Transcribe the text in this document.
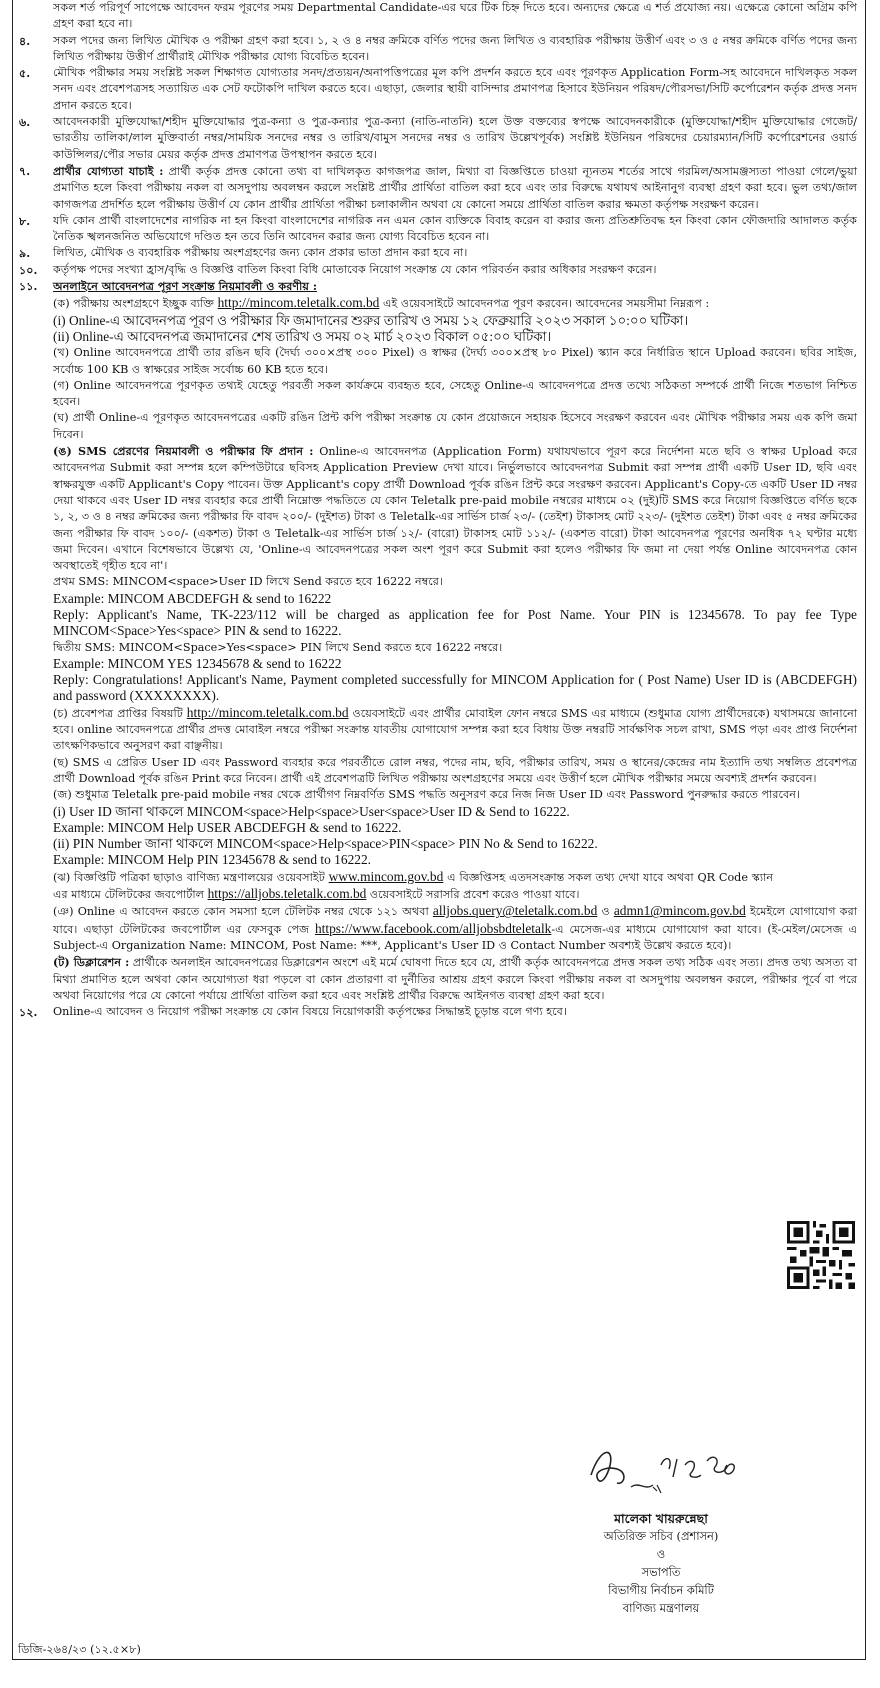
সকল শর্ত পরিপূর্ণ সাপেক্ষে আবেদন ফরম পূরণের সময় Departmental Candidate-এর ঘরে টিক চিহ্ন দিতে হবে। অন্যদের ক্ষেত্রে এ শর্ত প্রযোজ্য নয়। এক্ষেত্রে কোনো অগ্রিম কপি গ্রহণ করা হবে না।
৪.	সকল পদের জন্য লিখিত মৌখিক ও পরীক্ষা গ্রহণ করা হবে। ১, ২ ও ৪ নম্বর ক্রমিকে বর্ণিত পদের জন্য লিখিত ও ব্যবহারিক পরীক্ষায় উত্তীর্ণ এবং ৩ ও ৫ নম্বর ক্রমিকে বর্ণিত পদের জন্য লিখিত পরীক্ষায় উত্তীর্ণ প্রার্থীরাই মৌখিক পরীক্ষার যোগ্য বিবেচিত হবেন।
৫.	মৌখিক পরীক্ষার সময় সংশ্লিষ্ট সকল শিক্ষাগত যোগ্যতার সনদ/প্রত্যয়ন/অনাপত্তিপত্রের মূল কপি প্রদর্শন করতে হবে এবং পূরণকৃত Application Form-সহ আবেদনে দাখিলকৃত সকল সনদ এবং প্রবেশপত্রসহ সত্যায়িত এক সেট ফটোকপি দাখিল করতে হবে। এছাড়া, জেলার স্থায়ী বাসিন্দার প্রমাণপত্র হিসাবে ইউনিয়ন পরিষদ/পৌরসভা/সিটি কর্পোরেশন কর্তৃক প্রদত্ত সনদ প্রদান করতে হবে।
৬.	আবেদনকারী মুক্তিযোদ্ধা/শহীদ মুক্তিযোদ্ধার পুত্র-কন্যা ও পুত্র-কন্যার পুত্র-কন্যা (নাতি-নাতনি) হলে উক্ত বক্তব্যের স্বপক্ষে আবেদনকারীকে (মুক্তিযোদ্ধা/শহীদ মুক্তিযোদ্ধার গেজেট/ভারতীয় তালিকা/লাল মুক্তিবার্তা নম্বর/সাময়িক সনদের নম্বর ও তারিখ/বামুস সনদের নম্বর ও তারিখ উল্লেখপূর্বক) সংশ্লিষ্ট ইউনিয়ন পরিষদের চেয়ারম্যান/সিটি কর্পোরেশনের ওয়ার্ড কাউন্সিলর/পৌর সভার মেয়র কর্তৃক প্রদত্ত প্রমাণপত্র উপস্থাপন করতে হবে।
৭.	প্রার্থীর যোগ্যতা যাচাই : প্রার্থী কর্তৃক প্রদত্ত কোনো তথ্য বা দাখিলকৃত কাগজপত্র জাল, মিথ্যা বা বিজ্ঞপ্তিতে চাওয়া ন্যূনতম শর্তের সাথে গরমিল/অসামঞ্জস্যতা পাওয়া গেলে/ভুয়া প্রমাণিত হলে কিংবা পরীক্ষায় নকল বা অসদুপায় অবলম্বন করলে সংশ্লিষ্ট প্রার্থীর প্রার্থিতা বাতিল করা হবে এবং তার বিরুদ্ধে যথাযথ আইনানুগ ব্যবস্থা গ্রহণ করা হবে। ভুল তথ্য/জাল কাগজপত্র প্রদর্শিত হলে পরীক্ষায় উত্তীর্ণ যে কোন প্রার্থীর প্রার্থিতা পরীক্ষা চলাকালীন অথবা যে কোনো সময়ে প্রার্থিতা বাতিল করার ক্ষমতা কর্তৃপক্ষ সংরক্ষণ করেন।
৮.	যদি কোন প্রার্থী বাংলাদেশের নাগরিক না হন কিংবা বাংলাদেশের নাগরিক নন এমন কোন ব্যক্তিকে বিবাহ করেন বা করার জন্য প্রতিশ্রুতিবদ্ধ হন কিংবা কোন ফৌজদারি আদালত কর্তৃক নৈতিক স্খলনজনিত অভিযোগে দণ্ডিত হন তবে তিনি আবেদন করার জন্য যোগ্য বিবেচিত হবেন না।
৯.	লিখিত, মৌখিক ও ব্যবহারিক পরীক্ষায় অংশগ্রহণের জন্য কোন প্রকার ভাতা প্রদান করা হবে না।
১০.	কর্তৃপক্ষ পদের সংখ্যা হ্রাস/বৃদ্ধি ও বিজ্ঞপ্তি বাতিল কিংবা বিধি মোতাবেক নিয়োগ সংক্রান্ত যে কোন পরিবর্তন করার অধিকার সংরক্ষণ করেন।
১১.	অনলাইনে আবেদনপত্র পূরণ সংক্রান্ত নিয়মাবলী ও করণীয় :
(ক) পরীক্ষায় অংশগ্রহণে ইচ্ছুক ব্যক্তি http://mincom.teletalk.com.bd এই ওয়েবসাইটে আবেদনপত্র পূরণ করবেন। আবেদনের সময়সীমা নিম্নরূপ :
(i) Online-এ আবেদনপত্র পূরণ ও পরীক্ষার ফি জমাদানের শুরুর তারিখ ও সময় ১২ ফেব্রুয়ারি ২০২৩ সকাল ১০:০০ ঘটিকা।
(ii) Online-এ আবেদনপত্র জমাদানের শেষ তারিখ ও সময় ০২ মার্চ ২০২৩ বিকাল ০৫:০০ ঘটিকা।
(খ) Online আবেদনপত্রে প্রার্থী তার রঙিন ছবি (দৈর্ঘ্য ৩০০×প্রস্থ ৩০০ Pixel) ও স্বাক্ষর (দৈর্ঘ্য ৩০০×প্রস্থ ৮০ Pixel) স্ক্যান করে নির্ধারিত স্থানে Upload করবেন। ছবির সাইজ, সর্বোচ্চ 100 KB ও স্বাক্ষরের সাইজ সর্বোচ্চ 60 KB হতে হবে।
(গ) Online আবেদনপত্রে পূরণকৃত তথ্যই যেহেতু পরবর্তী সকল কার্যক্রমে ব্যবহৃত হবে, সেহেতু Online-এ আবেদনপত্রে প্রদত্ত তথ্যে সঠিকতা সম্পর্কে প্রার্থী নিজে শতভাগ নিশ্চিত হবেন।
(ঘ) প্রার্থী Online-এ পূরণকৃত আবেদনপত্রের একটি রঙিন প্রিন্ট কপি পরীক্ষা সংক্রান্ত যে কোন প্রয়োজনে সহায়ক হিসেবে সংরক্ষণ করবেন এবং মৌখিক পরীক্ষার সময় এক কপি জমা দিবেন।
(ঙ) SMS প্রেরণের নিয়মাবলী ও পরীক্ষার ফি প্রদান : Online-এ আবেদনপত্র (Application Form) যথাযথভাবে পূরণ করে নির্দেশনা মতে ছবি ও স্বাক্ষর Upload করে আবেদনপত্র Submit করা সম্পন্ন হলে কম্পিউটারে ছবিসহ Application Preview দেখা যাবে। নির্ভুলভাবে আবেদনপত্র Submit করা সম্পন্ন প্রার্থী একটি User ID, ছবি এবং স্বাক্ষরযুক্ত একটি Applicant's Copy পাবেন। উক্ত Applicant's copy প্রার্থী Download পূর্বক রঙিন প্রিন্ট করে সংরক্ষণ করবেন। Applicant's Copy-তে একটি User ID নম্বর দেয়া থাকবে এবং User ID নম্বর ব্যবহার করে প্রার্থী নিম্নোক্ত পদ্ধতিতে যে কোন Teletalk pre-paid mobile নম্বরের মাধ্যমে ০২ (দুই)টি SMS করে নিয়োগ বিজ্ঞপ্তিতে বর্ণিত ছকে ১, ২, ৩ ও ৪ নম্বর ক্রমিকের জন্য পরীক্ষার ফি বাবদ ২০০/- (দুইশত) টাকা ও Teletalk-এর সার্ভিস চার্জ ২৩/- (তেইশ) টাকাসহ মোট ২২৩/- (দুইশত তেইশ) টাকা এবং ৫ নম্বর ক্রমিকের জন্য পরীক্ষার ফি বাবদ ১০০/- (একশত) টাকা ও Teletalk-এর সার্ভিস চার্জ ১২/- (বারো) টাকাসহ মোট ১১২/- (একশত বারো) টাকা আবেদনপত্র পূরণের অনধিক ৭২ ঘণ্টার মধ্যে জমা দিবেন। এখানে বিশেষভাবে উল্লেখ্য যে, 'Online-এ আবেদনপত্রের সকল অংশ পূরণ করে Submit করা হলেও পরীক্ষার ফি জমা না দেয়া পর্যন্ত Online আবেদনপত্র কোন অবস্থাতেই গৃহীত হবে না'।
প্রথম SMS: MINCOM<space>User ID লিখে Send করতে হবে 16222 নম্বরে।
Example: MINCOM ABCDEFGH & send to 16222
Reply: Applicant's Name, TK-223/112 will be charged as application fee for Post Name. Your PIN is 12345678. To pay fee Type MINCOM<Space>Yes<space> PIN & send to 16222.
দ্বিতীয় SMS: MINCOM<Space>Yes<space> PIN লিখে Send করতে হবে 16222 নম্বরে।
Example: MINCOM YES 12345678 & send to 16222
Reply: Congratulations! Applicant's Name, Payment completed successfully for MINCOM Application for ( Post Name) User ID is (ABCDEFGH) and password (XXXXXXXX).
(চ) প্রবেশপত্র প্রাপ্তির বিষয়টি http://mincom.teletalk.com.bd ওয়েবসাইটে এবং প্রার্থীর মোবাইল ফোন নম্বরে SMS এর মাধ্যমে (শুধুমাত্র যোগ্য প্রার্থীদেরকে) যথাসময়ে জানানো হবে। online আবেদনপত্রে প্রার্থীর প্রদত্ত মোবাইল নম্বরে পরীক্ষা সংক্রান্ত যাবতীয় যোগাযোগ সম্পন্ন করা হবে বিধায় উক্ত নম্বরটি সার্বক্ষণিক সচল রাখা, SMS পড়া এবং প্রাপ্ত নির্দেশনা তাৎক্ষণিকভাবে অনুসরণ করা বাঞ্ছনীয়।
(ছ) SMS এ প্রেরিত User ID এবং Password ব্যবহার করে পরবর্তীতে রোল নম্বর, পদের নাম, ছবি, পরীক্ষার তারিখ, সময় ও স্থানের/কেন্দ্রের নাম ইত্যাদি তথ্য সম্বলিত প্রবেশপত্র প্রার্থী Download পূর্বক রঙিন Print করে নিবেন। প্রার্থী এই প্রবেশপত্রটি লিখিত পরীক্ষায় অংশগ্রহণের সময়ে এবং উত্তীর্ণ হলে মৌখিক পরীক্ষার সময়ে অবশ্যই প্রদর্শন করবেন।
(জ) শুধুমাত্র Teletalk pre-paid mobile নম্বর থেকে প্রার্থীগণ নিম্নবর্ণিত SMS পদ্ধতি অনুসরণ করে নিজ নিজ User ID এবং Password পুনরুদ্ধার করতে পারবেন।
(i) User ID জানা থাকলে MINCOM<space>Help<space>User<space>User ID & Send to 16222.
Example: MINCOM Help USER ABCDEFGH & send to 16222.
(ii) PIN Number জানা থাকলে MINCOM<space>Help<space>PIN<space> PIN No & Send to 16222.
Example: MINCOM Help PIN 12345678 & send to 16222.
(ঝ) বিজ্ঞপ্তিটি পত্রিকা ছাড়াও বাণিজ্য মন্ত্রণালয়ের ওয়েবসাইট www.mincom.gov.bd এ বিজ্ঞপ্তিসহ এতদসংক্রান্ত সকল তথ্য দেখা যাবে অথবা QR Code স্ক্যান এর মাধ্যমে টেলিটকের জবপোর্টাল https://alljobs.teletalk.com.bd ওয়েবসাইটে সরাসরি প্রবেশ করেও পাওয়া যাবে।
(ঞ) Online এ আবেদন করতে কোন সমস্যা হলে টেলিটক নম্বর থেকে ১২১ অথবা alljobs.query@teletalk.com.bd ও admn1@mincom.gov.bd ইমেইলে যোগাযোগ করা যাবে। এছাড়া টেলিটকের জবপোর্টাল এর ফেসবুক পেজ https://www.facebook.com/alljobsbdteletalk-এ মেসেজ-এর মাধ্যমে যোগাযোগ করা যাবে। (ই-মেইল/মেসেজ এ Subject-এ Organization Name: MINCOM, Post Name: ***, Applicant's User ID ও Contact Number অবশ্যই উল্লেখ করতে হবে)।
(ট) ডিক্লারেশন : প্রার্থীকে অনলাইন আবেদনপত্রের ডিক্লারেশন অংশে এই মর্মে ঘোষণা দিতে হবে যে, প্রার্থী কর্তৃক আবেদনপত্রে প্রদত্ত সকল তথ্য সঠিক এবং সত্য। প্রদত্ত তথ্য অসত্য বা মিথ্যা প্রমাণিত হলে অথবা কোন অযোগ্যতা ধরা পড়লে বা কোন প্রতারণা বা দুর্নীতির আশ্রয় গ্রহণ করলে কিংবা পরীক্ষায় নকল বা অসদুপায় অবলম্বন করলে, পরীক্ষার পূর্বে বা পরে অথবা নিয়োগের পরে যে কোনো পর্যায়ে প্রার্থিতা বাতিল করা হবে এবং সংশ্লিষ্ট প্রার্থীর বিরুদ্ধে আইনগত ব্যবস্থা গ্রহণ করা হবে।
১২.	Online-এ আবেদন ও নিয়োগ পরীক্ষা সংক্রান্ত যে কোন বিষয়ে নিয়োগকারী কর্তৃপক্ষের সিদ্ধান্তই চূড়ান্ত বলে গণ্য হবে।
মালেকা খায়রুন্নেছা
অতিরিক্ত সচিব (প্রশাসন)
ও
সভাপতি
বিভাগীয় নির্বাচন কমিটি
বাণিজ্য মন্ত্রণালয়
ডিজি-২৬৪/২৩ (১২.৫×৮)
